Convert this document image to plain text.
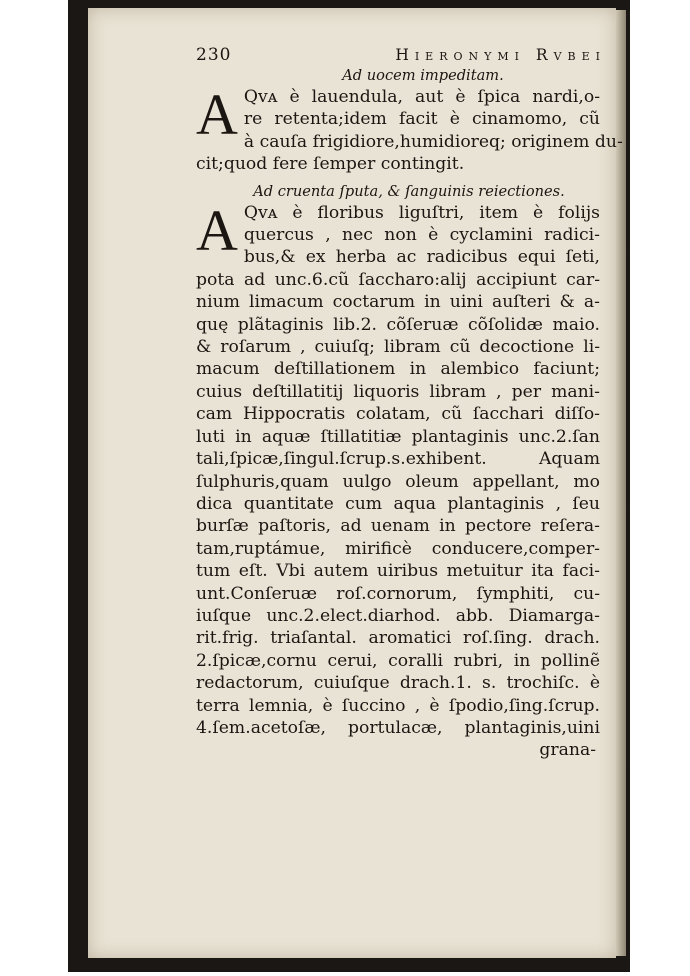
230	Hieronymi Rvbei
Ad uocem impeditam.
A Qᴠᴀ è lauendula, aut è ſpica nardi,o-
re retenta;idem facit è cinamomo, cũ
à cauſa frigidiore,humidioreq; originem du-
cit;quod fere ſemper contingit.
Ad cruenta ſputa, & ſanguinis reiectiones.
A Qᴠᴀ è floribus liguſtri, item è folijs
quercus , nec non è cyclamini radici-
bus,& ex herba ac radicibus equi ſeti,
pota ad unc.6.cũ ſaccharo:alij accipiunt car-
nium limacum coctarum in uini auſteri & a-
quę plãtaginis lib.2. cõſeruæ cõſolidæ maio.
& roſarum , cuiuſq; libram cũ decoctione li-
macum deſtillationem in alembico faciunt;
cuius deſtillatitij liquoris libram , per mani-
cam Hippocratis colatam, cũ ſacchari diſſo-
luti in aquæ ſtillatitiæ plantaginis unc.2.ſan
tali,ſpicæ,ſingul.ſcrup.s.exhibent. Aquam
ſulphuris,quam uulgo oleum appellant, mo
dica quantitate cum aqua plantaginis , ſeu
burſæ paſtoris, ad uenam in pectore reſera-
tam,ruptámue, mirificè conducere,comper-
tum eſt. Vbi autem uiribus metuitur ita faci-
unt.Conſeruæ roſ.cornorum, ſymphiti, cu-
iuſque unc.2.elect.diarhod. abb. Diamarga-
rit.frig. triaſantal. aromatici roſ.ſing. drach.
2.ſpicæ,cornu cerui, coralli rubri, in pollinẽ
redactorum, cuiuſque drach.1. s. trochiſc. è
terra lemnia, è ſuccino , è ſpodio,ſing.ſcrup.
4.ſem.acetoſæ, portulacæ, plantaginis,uini
grana-
